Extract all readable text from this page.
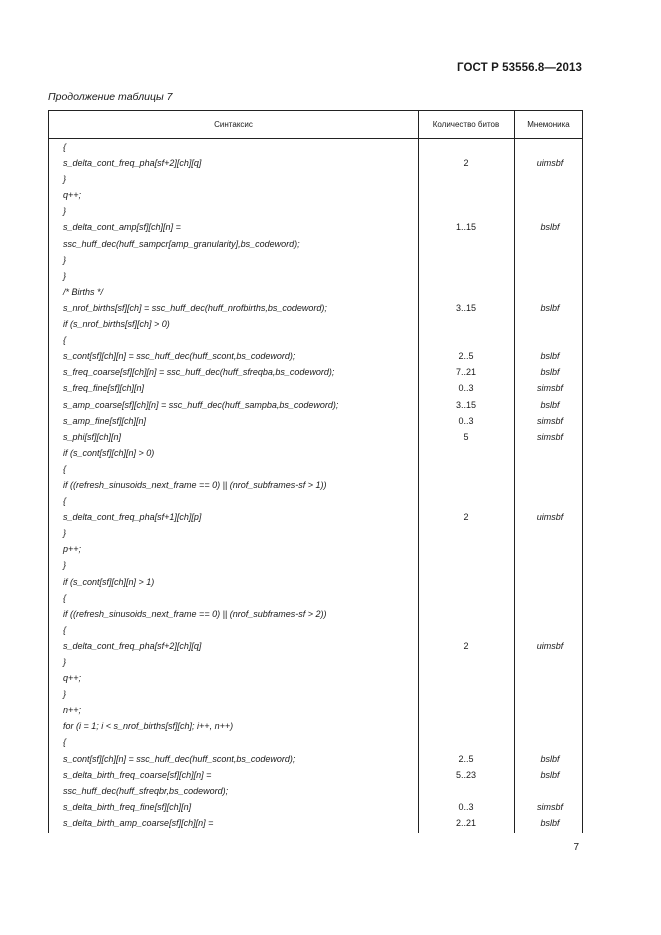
ГОСТ Р 53556.8—2013
Продолжение таблицы 7
Синтаксис	Количество битов	Мнемоника
{
s_delta_cont_freq_pha[sf+2][ch][q]	2	uimsbf
}
q++;
}
s_delta_cont_amp[sf][ch][n] =	1..15	bslbf
ssc_huff_dec(huff_sampcr[amp_granularity],bs_codeword);
}
}
/* Births */
s_nrof_births[sf][ch] = ssc_huff_dec(huff_nrofbirths,bs_codeword);	3..15	bslbf
if (s_nrof_births[sf][ch] > 0)
{
s_cont[sf][ch][n] = ssc_huff_dec(huff_scont,bs_codeword);	2..5	bslbf
s_freq_coarse[sf][ch][n] = ssc_huff_dec(huff_sfreqba,bs_codeword);	7..21	bslbf
s_freq_fine[sf][ch][n]	0..3	simsbf
s_amp_coarse[sf][ch][n] = ssc_huff_dec(huff_sampba,bs_codeword);	3..15	bslbf
s_amp_fine[sf][ch][n]	0..3	simsbf
s_phi[sf][ch][n]	5	simsbf
if (s_cont[sf][ch][n] > 0)
{
if ((refresh_sinusoids_next_frame == 0) || (nrof_subframes-sf > 1))
{
s_delta_cont_freq_pha[sf+1][ch][p]	2	uimsbf
}
p++;
}
if (s_cont[sf][ch][n] > 1)
{
if ((refresh_sinusoids_next_frame == 0) || (nrof_subframes-sf > 2))
{
s_delta_cont_freq_pha[sf+2][ch][q]	2	uimsbf
}
q++;
}
n++;
for (i = 1; i < s_nrof_births[sf][ch]; i++, n++)
{
s_cont[sf][ch][n] = ssc_huff_dec(huff_scont,bs_codeword);	2..5	bslbf
s_delta_birth_freq_coarse[sf][ch][n] =	5..23	bslbf
ssc_huff_dec(huff_sfreqbr,bs_codeword);
s_delta_birth_freq_fine[sf][ch][n]	0..3	simsbf
s_delta_birth_amp_coarse[sf][ch][n] =	2..21	bslbf
7
